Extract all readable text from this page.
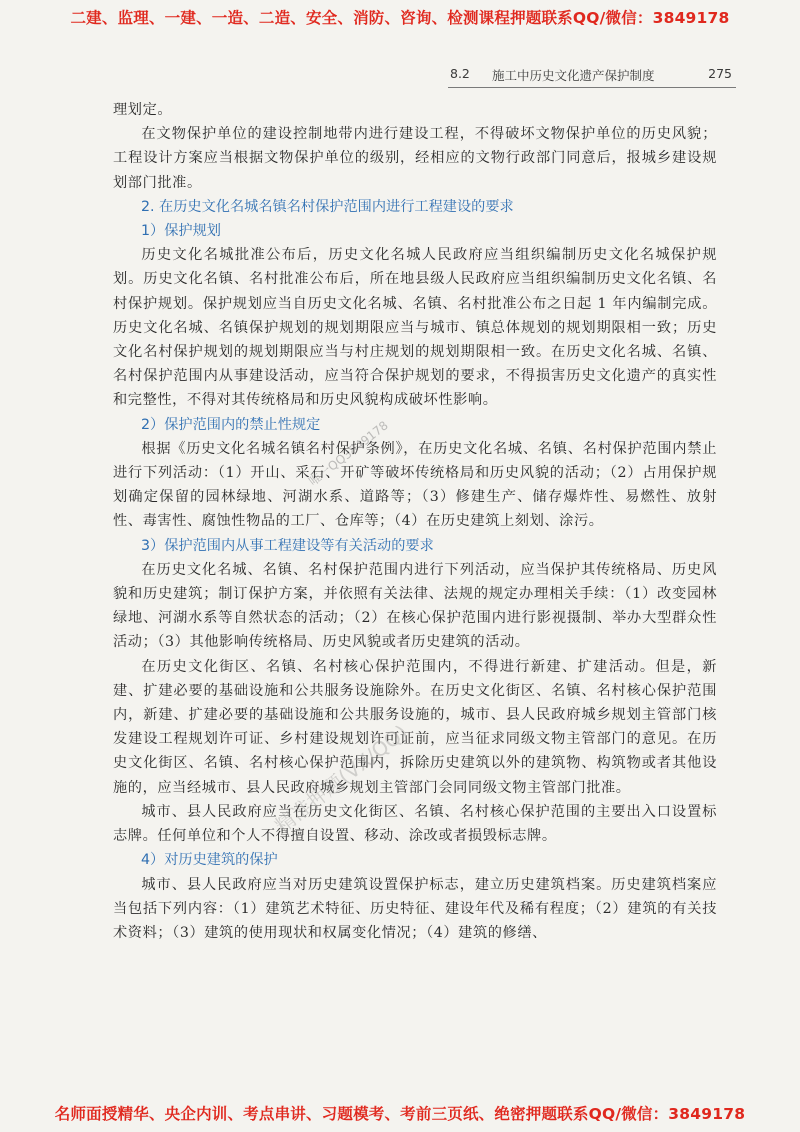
二建、监理、一建、一造、二造、安全、消防、咨询、检测课程押题联系QQ/微信：3849178
8.2 施工中历史文化遗产保护制度	275

理划定。

在文物保护单位的建设控制地带内进行建设工程，不得破坏文物保护单位的历史风貌；工程设计方案应当根据文物保护单位的级别，经相应的文物行政部门同意后，报城乡建设规划部门批准。

2. 在历史文化名城名镇名村保护范围内进行工程建设的要求

1）保护规划

历史文化名城批准公布后，历史文化名城人民政府应当组织编制历史文化名城保护规划。历史文化名镇、名村批准公布后，所在地县级人民政府应当组织编制历史文化名镇、名村保护规划。保护规划应当自历史文化名城、名镇、名村批准公布之日起 1 年内编制完成。历史文化名城、名镇保护规划的规划期限应当与城市、镇总体规划的规划期限相一致；历史文化名村保护规划的规划期限应当与村庄规划的规划期限相一致。在历史文化名城、名镇、名村保护范围内从事建设活动，应当符合保护规划的要求，不得损害历史文化遗产的真实性和完整性，不得对其传统格局和历史风貌构成破坏性影响。

2）保护范围内的禁止性规定

根据《历史文化名城名镇名村保护条例》，在历史文化名城、名镇、名村保护范围内禁止进行下列活动：（1）开山、采石、开矿等破坏传统格局和历史风貌的活动；（2）占用保护规划确定保留的园林绿地、河湖水系、道路等；（3）修建生产、储存爆炸性、易燃性、放射性、毒害性、腐蚀性物品的工厂、仓库等；（4）在历史建筑上刻划、涂污。

3）保护范围内从事工程建设等有关活动的要求

在历史文化名城、名镇、名村保护范围内进行下列活动，应当保护其传统格局、历史风貌和历史建筑；制订保护方案，并依照有关法律、法规的规定办理相关手续：（1）改变园林绿地、河湖水系等自然状态的活动；（2）在核心保护范围内进行影视摄制、举办大型群众性活动；（3）其他影响传统格局、历史风貌或者历史建筑的活动。

在历史文化街区、名镇、名村核心保护范围内，不得进行新建、扩建活动。但是，新建、扩建必要的基础设施和公共服务设施除外。在历史文化街区、名镇、名村核心保护范围内，新建、扩建必要的基础设施和公共服务设施的，城市、县人民政府城乡规划主管部门核发建设工程规划许可证、乡村建设规划许可证前，应当征求同级文物主管部门的意见。在历史文化街区、名镇、名村核心保护范围内，拆除历史建筑以外的建筑物、构筑物或者其他设施的，应当经城市、县人民政府城乡规划主管部门会同同级文物主管部门批准。

城市、县人民政府应当在历史文化街区、名镇、名村核心保护范围的主要出入口设置标志牌。任何单位和个人不得擅自设置、移动、涂改或者损毁标志牌。

4）对历史建筑的保护

城市、县人民政府应当对历史建筑设置保护标志，建立历史建筑档案。历史建筑档案应当包括下列内容：（1）建筑艺术特征、历史特征、建设年代及稀有程度；（2）建筑的有关技术资料；（3）建筑的使用现状和权属变化情况；（4）建筑的修缮、

唯一QQ3849178
精准押题(VX/QQ)
名师面授精华、央企内训、考点串讲、习题模考、考前三页纸、绝密押题联系QQ/微信：3849178
